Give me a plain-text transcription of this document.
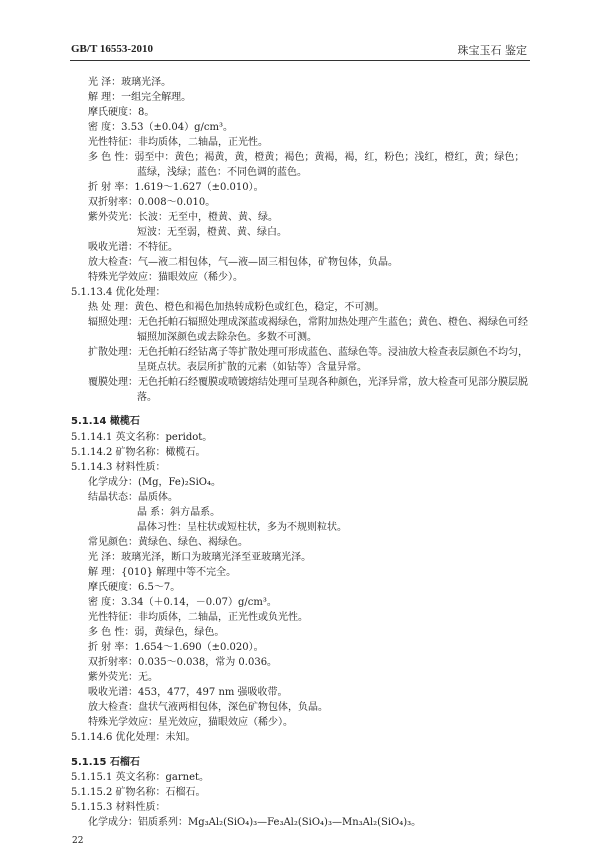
GB/T 16553-2010	珠宝玉石 鉴定
光 泽：玻璃光泽。
解 理：一组完全解理。
摩氏硬度：8。
密 度：3.53（±0.04）g/cm³。
光性特征：非均质体，二轴晶，正光性。
多 色 性：弱至中：黄色；褐黄，黄，橙黄；褐色；黄褐，褐，红，粉色；浅红，橙红，黄；绿色；
蓝绿，浅绿；蓝色：不同色调的蓝色。
折 射 率：1.619～1.627（±0.010）。
双折射率：0.008～0.010。
紫外荧光：长波：无至中，橙黄、黄、绿。
短波：无至弱，橙黄、黄、绿白。
吸收光谱：不特征。
放大检查：气—液二相包体，气—液—固三相包体，矿物包体，负晶。
特殊光学效应：猫眼效应（稀少）。
5.1.13.4 优化处理：
热 处 理：黄色、橙色和褐色加热转成粉色或红色，稳定，不可测。
辐照处理：无色托帕石辐照处理成深蓝或褐绿色，常附加热处理产生蓝色；黄色、橙色、褐绿色可经
辐照加深颜色或去除杂色。多数不可测。
扩散处理：无色托帕石经钴离子等扩散处理可形成蓝色、蓝绿色等。浸油放大检查表层颜色不均匀，
呈斑点状。表层所扩散的元素（如钴等）含量异常。
覆膜处理：无色托帕石经覆膜或喷镀熔结处理可呈现各种颜色，光泽异常，放大检查可见部分膜层脱
落。
5.1.14 橄榄石
5.1.14.1 英文名称：peridot。
5.1.14.2 矿物名称：橄榄石。
5.1.14.3 材料性质：
化学成分：(Mg，Fe)₂SiO₄。
结晶状态：晶质体。
晶 系：斜方晶系。
晶体习性：呈柱状或短柱状，多为不规则粒状。
常见颜色：黄绿色、绿色、褐绿色。
光 泽：玻璃光泽，断口为玻璃光泽至亚玻璃光泽。
解 理：{010} 解理中等不完全。
摩氏硬度：6.5～7。
密 度：3.34（＋0.14，－0.07）g/cm³。
光性特征：非均质体，二轴晶，正光性或负光性。
多 色 性：弱，黄绿色，绿色。
折 射 率：1.654～1.690（±0.020）。
双折射率：0.035～0.038，常为 0.036。
紫外荧光：无。
吸收光谱：453，477，497 nm 强吸收带。
放大检查：盘状气液两相包体，深色矿物包体，负晶。
特殊光学效应：星光效应，猫眼效应（稀少）。
5.1.14.6 优化处理：未知。
5.1.15 石榴石
5.1.15.1 英文名称：garnet。
5.1.15.2 矿物名称：石榴石。
5.1.15.3 材料性质：
化学成分：铝质系列：Mg₃Al₂(SiO₄)₃—Fe₃Al₂(SiO₄)₃—Mn₃Al₂(SiO₄)₃。
22
